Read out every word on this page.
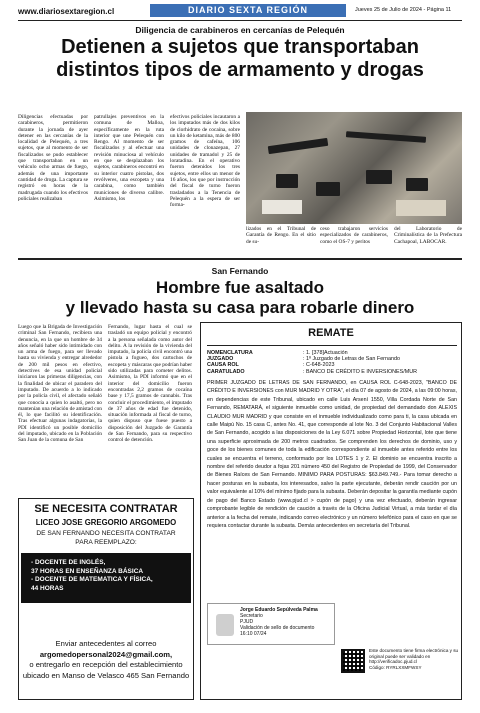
www.diariosextaregion.cl	DIARIO SEXTA REGIÓN	Jueves 25 de Julio de 2024 - Página 11
Diligencia de carabineros en cercanías de Pelequén
Detienen a sujetos que transportaban
distintos tipos de armamento y drogas
Diligencias efectuadas por carabineros, permitieron durante la jornada de ayer detener en las cercanías de la localidad de Pelequén, a tres sujetos, que al momento de ser fiscalizados se pudo establecer que transportaban en un vehículo ocho armas de fuego, además de una importante cantidad de droga. La captura se registró en horas de la madrugada cuando los efectivos policiales realizaban
patrullajes preventivos en la comuna de Malloa, específicamente en la ruta interior que une Pelequén con Rengo. Al momento de ser fiscalizados y al efectuar una revisión minuciosa al vehículo en que se desplazaban los sujetos, carabineros encontró en su interior cuatro pistolas, dos revólveres, una escopeta y una carabina, como también municiones de diverso calibre. Asimismo, los
efectivos policiales incautaron a los imputados más de dos kilos de clorhidrato de cocaína, sobre un kilo de ketamina, más de 800 gramos de cafeína, 106 unidades de clonazepan, 27 unidades de tramadol y 25 de loratadina. En el operativo fueron detenidos los tres sujetos, entre ellos un menor de 16 años, los que por instrucción del fiscal de turno fueron trasladados a la Tenencia de Pelequén a la espera de ser forma-
lizados en el Tribunal de Garantía de Rengo. En el sitio de su-
ceso trabajaron servicios especializados de carabineros, como el OS-7 y peritos
del Laboratorio de Criminalística de la Prefectura Cachapoal, LABOCAR.
San Fernando
Hombre fue asaltado
y llevado hasta su casa para robarle dinero
Luego que la Brigada de Investigación criminal San Fernando, recibiera una denuncia, en la que un hombre de 34 años señaló haber sido intimidado con un arma de fuego, para ser llevado hasta su vivienda y entregar alrededor de 200 mil pesos en efectivo, detectives de esa unidad policial iniciaron las primeras diligencias, con la finalidad de ubicar el paradero del imputado. De acuerdo a lo indicado por la policía civil, el afectado señaló que conocía a quien lo asaltó, pero no mantenían una relación de amistad con él, lo que facilitó su identificación. Tras efectuar algunas indagatorias, la PDI identificó un posible domicilio del imputado, ubicado en la Población San Juan de la comuna de San
Fernando, lugar hasta el cual se trasladó un equipo policial y encontró a la persona señalada como autor del delito. A la revisión de la vivienda del imputado, la policía civil encontró una pistola a fogueo, dos cartuchos de escopeta y máscaras que podrían haber sido utilizadas para cometer delitos. Asimismo, la PDI informó que en el interior del domicilio fueron encontradas 2,2 gramos de cocaína base y 17,5 gramos de cannabis. Tras concluir el procedimiento, el imputado de 37 años de edad fue detenido, situación informada al fiscal de turno, quien dispuso que fuese puesto a disposición del Juzgado de Garantía de San Fernando, para su respectivo control de detención.
REMATE
NOMENCLATURA	: 1. [378]Actuación
JUZGADO	: 1º Juzgado de Letras de San Fernando
CAUSA ROL	: C-648-2023
CARATULADO	: BANCO DE CRÉDITO E INVERSIONES/MUR
PRIMER JUZGADO DE LETRAS DE SAN FERNANDO, en CAUSA ROL C-648-2023, "BANCO DE CRÉDITO E INVERSIONES con MUR MADRID Y OTRA", el día 07 de agosto de 2024, a las 09:00 horas, en dependencias de este Tribunal, ubicado en calle Luis Arsení 1550, Villa Cordada Norte de San Fernando, REMATARÁ, el siguiente inmueble como unidad, de propiedad del demandado don ALEXIS CLAUDIO MUR MADRID y que consiste en el inmueble individualizado como para ti, la casa ubicada en calle Maipú No. 15 casa C, antes No. 41, que corresponde al lote No. 3 del Conjunto Habitacional Valles de San Fernando, acogido a las disposiciones de la Ley 6.071 sobre Propiedad Horizontal, lote que tiene una superficie aproximada de 200 metros cuadrados. Se comprenden los derechos de dominio, uso y goce de los bienes comunes de toda la edificación correspondiente al inmueble antes referido entre los cuales se encuentra el terreno, conformado por los LOTES 1 y 2. El dominio se encuentra inscrito a nombre del referido deudor a fojas 201 número 450 del Registro de Propiedad de 1999, del Conservador de Bienes Raíces de San Fernando. MINIMO PARA POSTURAS: $63.849.749.- Para tomar derecho a hacer posturas en la subasta, los interesados, salvo la parte ejecutante, deberán rendir caución por un valor equivalente al 10% del mínimo fijado para la subasta. Deberán depositar la garantía mediante cupón de pago del Banco Estado (www.pjud.cl > cupón de pago) y una vez efectuado, deberán ingresar comprobante legible de rendición de caución a través de la Oficina Judicial Virtual, a más tardar el día anterior a la fecha del remate, indicando correo electrónico y un número telefónico para el caso en que se requiera contactar durante la subasta. Demás antecedentes en secretaría del Tribunal.
Jorge Eduardo Sepúlveda Palma
Secretario
PJUD
Validación de sello de documento
16:10 07/24
Este documento tiene firma electrónica y su original puede ser validado en http://verificadoc.pjud.cl
Código: RYRLXXMFWSY
SE NECESITA CONTRATAR
LICEO JOSE GREGORIO ARGOMEDO
DE SAN FERNANDO NECESITA CONTRATAR
PARA REEMPLAZO:
- DOCENTE DE INGLÉS,
37 HORAS EN ENSEÑANZA BÁSICA
- DOCENTE DE MATEMATICA Y FÍSICA,
44 HORAS
Enviar antecedentes al correo
argomedopersonal2024@gmail.com,
o entregarlo en recepción del establecimiento
ubicado en Manso de Velasco 465 San Fernando
